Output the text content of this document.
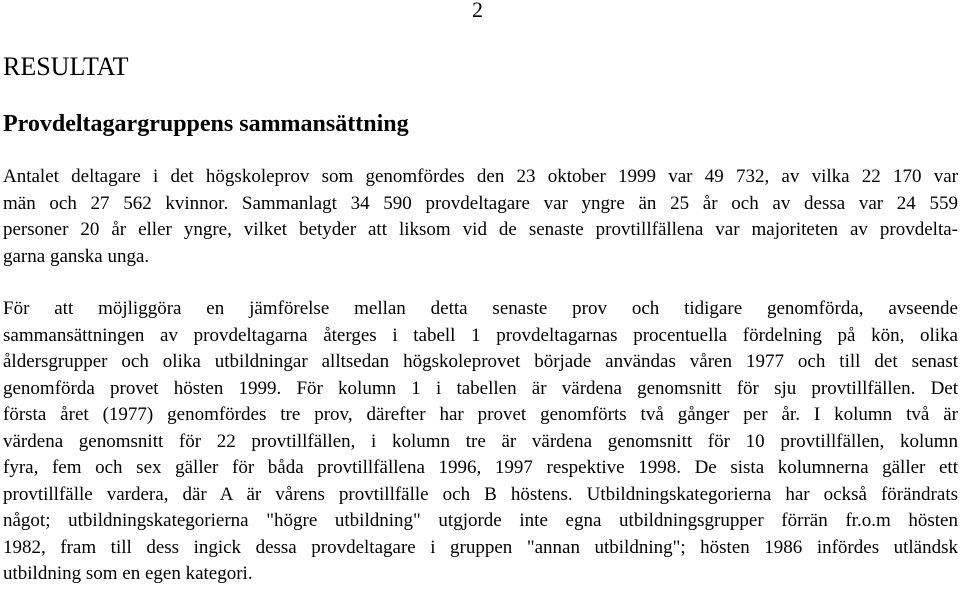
2
RESULTAT
Provdeltagargruppens sammansättning
Antalet deltagare i det högskoleprov som genomfördes den 23 oktober 1999 var 49 732, av vilka 22 170 var
män och 27 562 kvinnor. Sammanlagt 34 590 provdeltagare var yngre än 25 år och av dessa var 24 559
personer 20 år eller yngre, vilket betyder att liksom vid de senaste provtillfällena var majoriteten av provdelta-
garna ganska unga.
För att möjliggöra en jämförelse mellan detta senaste prov och tidigare genomförda, avseende
sammansättningen av provdeltagarna återges i tabell 1 provdeltagarnas procentuella fördelning på kön, olika
åldersgrupper och olika utbildningar alltsedan högskoleprovet började användas våren 1977 och till det senast
genomförda provet hösten 1999. För kolumn 1 i tabellen är värdena genomsnitt för sju provtillfällen. Det
första året (1977) genomfördes tre prov, därefter har provet genomförts två gånger per år. I kolumn två är
värdena genomsnitt för 22 provtillfällen, i kolumn tre är värdena genomsnitt för 10 provtillfällen, kolumn
fyra, fem och sex gäller för båda provtillfällena 1996, 1997 respektive 1998. De sista kolumnerna gäller ett
provtillfälle vardera, där A är vårens provtillfälle och B höstens. Utbildningskategorierna har också förändrats
något; utbildningskategorierna "högre utbildning" utgjorde inte egna utbildningsgrupper förrän fr.o.m hösten
1982, fram till dess ingick dessa provdeltagare i gruppen "annan utbildning"; hösten 1986 infördes utländsk
utbildning som en egen kategori.
